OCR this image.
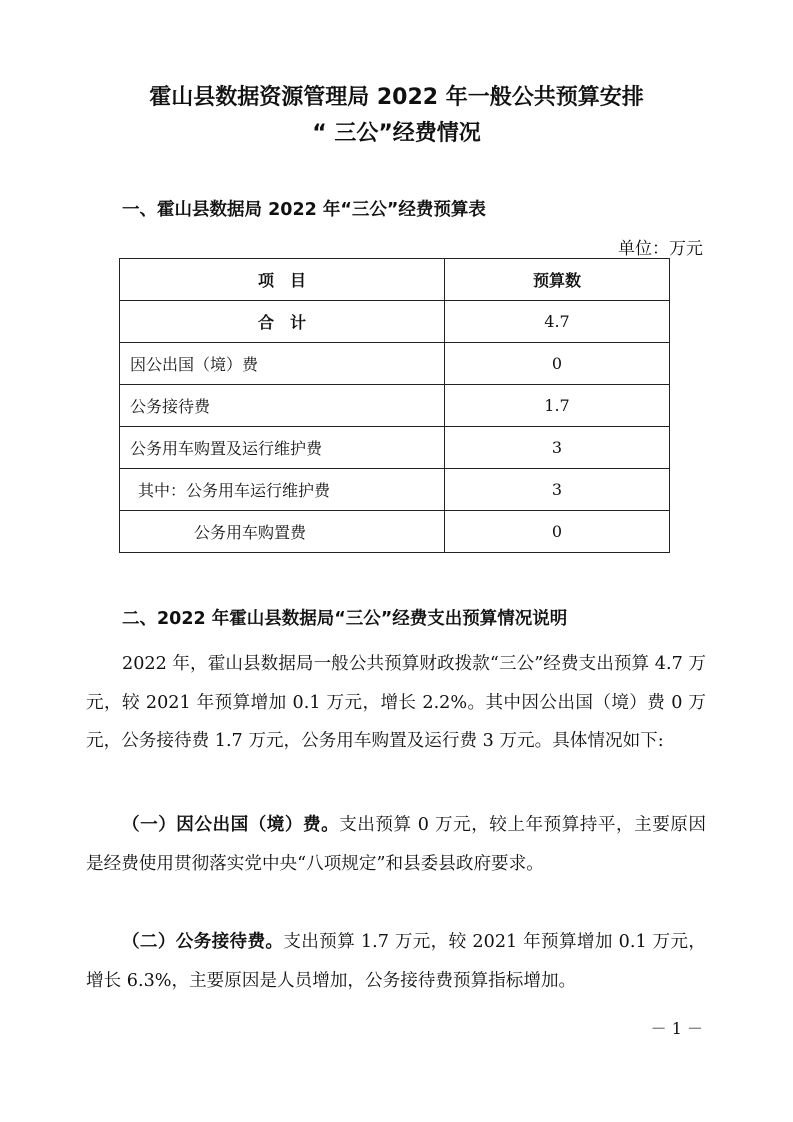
霍山县数据资源管理局 2022 年一般公共预算安排
“ 三公”经费情况
一、霍山县数据局 2022 年“三公”经费预算表
单位：万元
项　目	预算数
合　计	4.7
因公出国（境）费	0
公务接待费	1.7
公务用车购置及运行维护费	3
其中：公务用车运行维护费	3
公务用车购置费	0
二、2022 年霍山县数据局“三公”经费支出预算情况说明
2022 年，霍山县数据局一般公共预算财政拨款“三公”经费支出预算 4.7 万元，较 2021 年预算增加 0.1 万元，增长 2.2%。其中因公出国（境）费 0 万元，公务接待费 1.7 万元，公务用车购置及运行费 3 万元。具体情况如下:
（一）因公出国（境）费。支出预算 0 万元，较上年预算持平，主要原因是经费使用贯彻落实党中央“八项规定”和县委县政府要求。
（二）公务接待费。支出预算 1.7 万元，较 2021 年预算增加 0.1 万元，增长 6.3%，主要原因是人员增加，公务接待费预算指标增加。
－ 1 －
